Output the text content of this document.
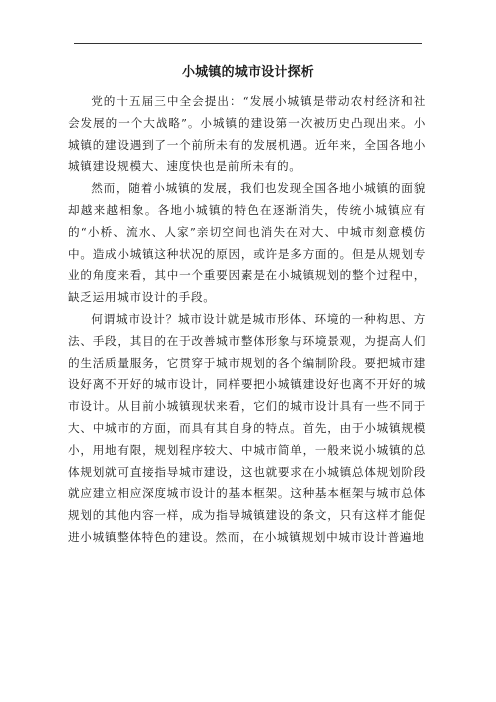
小城镇的城市设计探析

党的十五届三中全会提出：“发展小城镇是带动农村经济和社会发展的一个大战略”。小城镇的建设第一次被历史凸现出来。小城镇的建设遇到了一个前所未有的发展机遇。近年来，全国各地小城镇建设规模大、速度快也是前所未有的。

然而，随着小城镇的发展，我们也发现全国各地小城镇的面貌却越来越相象。各地小城镇的特色在逐渐消失，传统小城镇应有的“小桥、流水、人家”亲切空间也消失在对大、中城市刻意模仿中。造成小城镇这种状况的原因，或许是多方面的。但是从规划专业的角度来看，其中一个重要因素是在小城镇规划的整个过程中，缺乏运用城市设计的手段。

何谓城市设计？城市设计就是城市形体、环境的一种构思、方法、手段，其目的在于改善城市整体形象与环境景观，为提高人们的生活质量服务，它贯穿于城市规划的各个编制阶段。要把城市建设好离不开好的城市设计，同样要把小城镇建设好也离不开好的城市设计。从目前小城镇现状来看，它们的城市设计具有一些不同于大、中城市的方面，而具有其自身的特点。首先，由于小城镇规模小，用地有限，规划程序较大、中城市简单，一般来说小城镇的总体规划就可直接指导城市建设，这也就要求在小城镇总体规划阶段就应建立相应深度城市设计的基本框架。这种基本框架与城市总体规划的其他内容一样，成为指导城镇建设的条文，只有这样才能促进小城镇整体特色的建设。然而，在小城镇规划中城市设计普遍地
